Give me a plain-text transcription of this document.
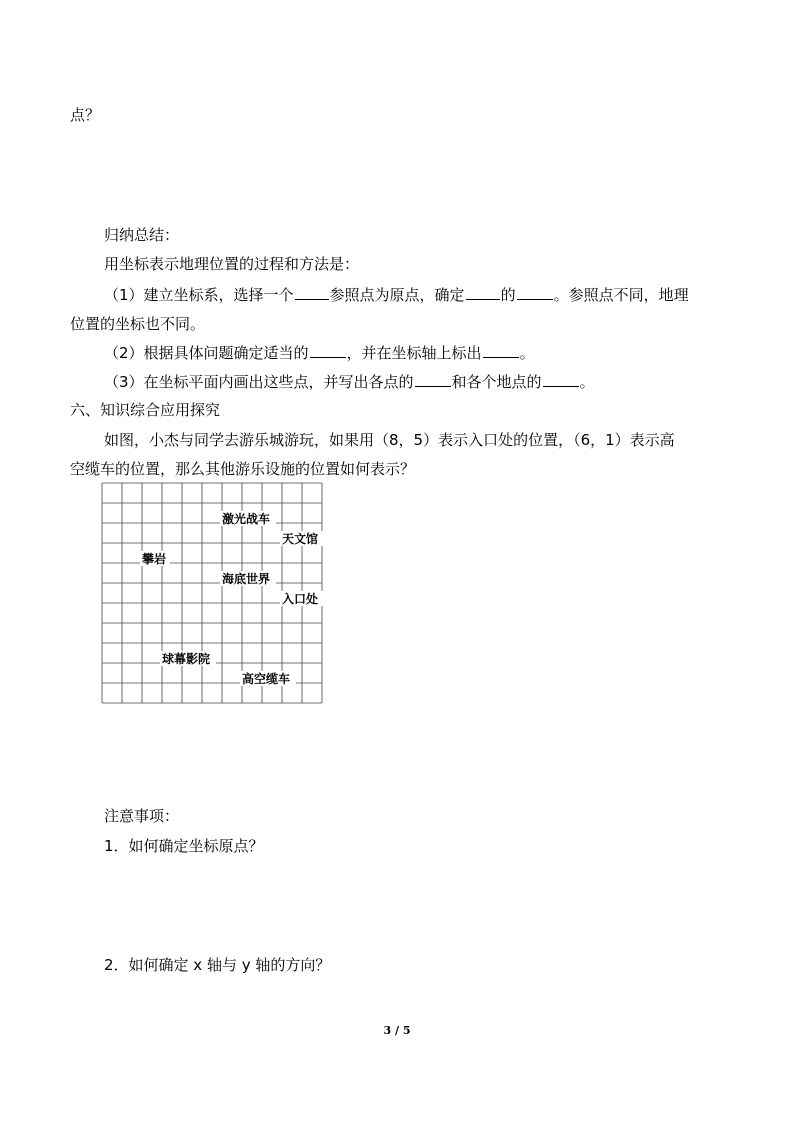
点？
归纳总结：
用坐标表示地理位置的过程和方法是：
（1）建立坐标系，选择一个 参照点为原点，确定 的	。参照点不同，地理
位置的坐标也不同。
（2）根据具体问题确定适当的	，并在坐标轴上标出	。
（3）在坐标平面内画出这些点，并写出各点的	和各个地点的	。
六、知识综合应用探究
如图，小杰与同学去游乐城游玩，如果用（8，5）表示入口处的位置，（6，1）表示高
空缆车的位置，那么其他游乐设施的位置如何表示？
激光战车
天文馆
攀岩
海底世界
入口处
球幕影院
高空缆车
注意事项：
1．如何确定坐标原点？
2．如何确定 x 轴与 y 轴的方向？
3 / 5
